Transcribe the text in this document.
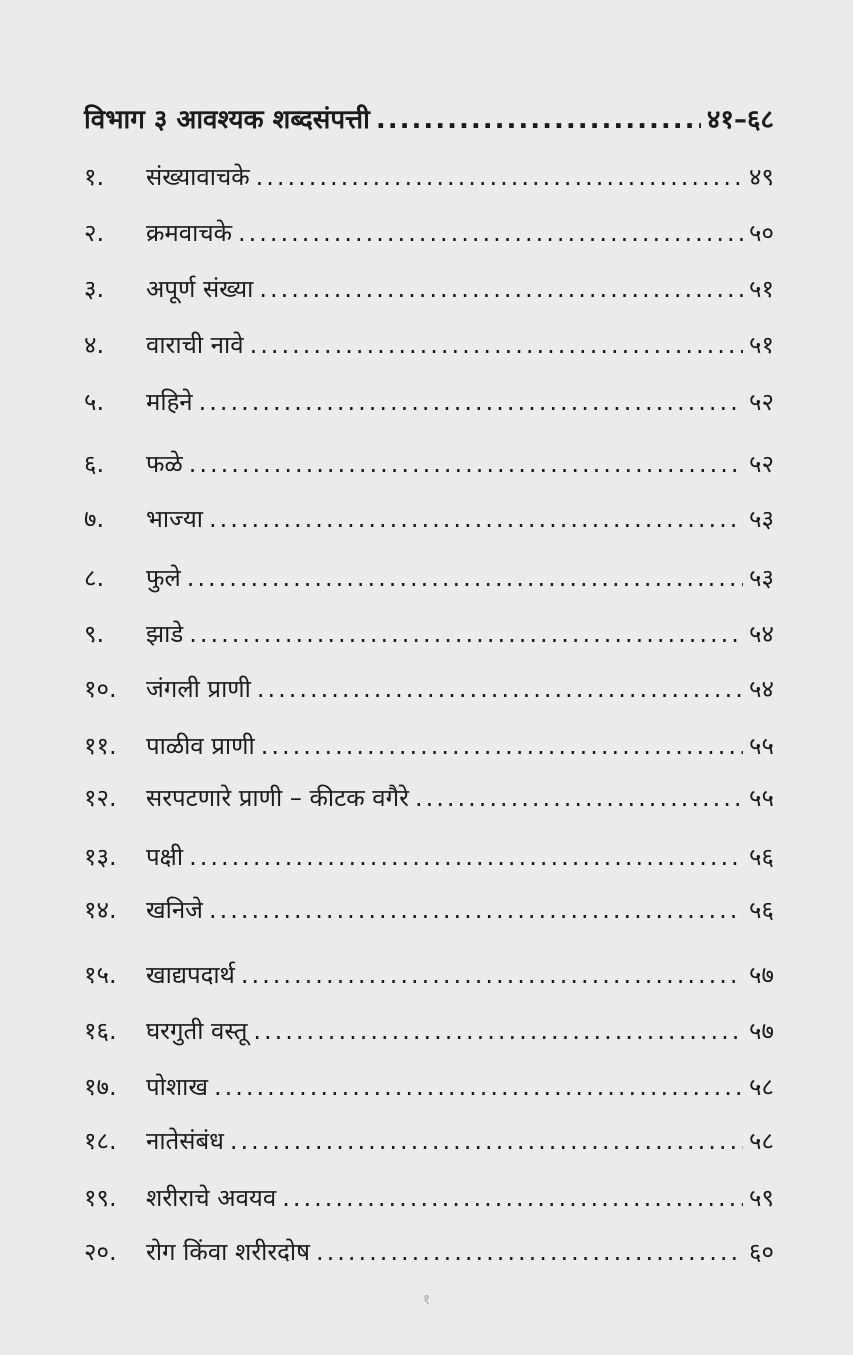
विभाग ३ आवश्यक शब्दसंपत्ती .....	४१–६८
१.	संख्यावाचके .....	४९
२.	क्रमवाचके .....	५०
३.	अपूर्ण संख्या .....	५१
४.	वाराची नावे .....	५१
५.	महिने .....	५२
६.	फळे .....	५२
७.	भाज्या .....	५३
८.	फुले .....	५३
९.	झाडे .....	५४
१०.	जंगली प्राणी .....	५४
११.	पाळीव प्राणी .....	५५
१२.	सरपटणारे प्राणी – कीटक वगैरे .....	५५
१३.	पक्षी .....	५६
१४.	खनिजे .....	५६
१५.	खाद्यपदार्थ .....	५७
१६.	घरगुती वस्तू .....	५७
१७.	पोशाख .....	५८
१८.	नातेसंबंध .....	५८
१९.	शरीराचे अवयव .....	५९
२०.	रोग किंवा शरीरदोष .....	६०
१
